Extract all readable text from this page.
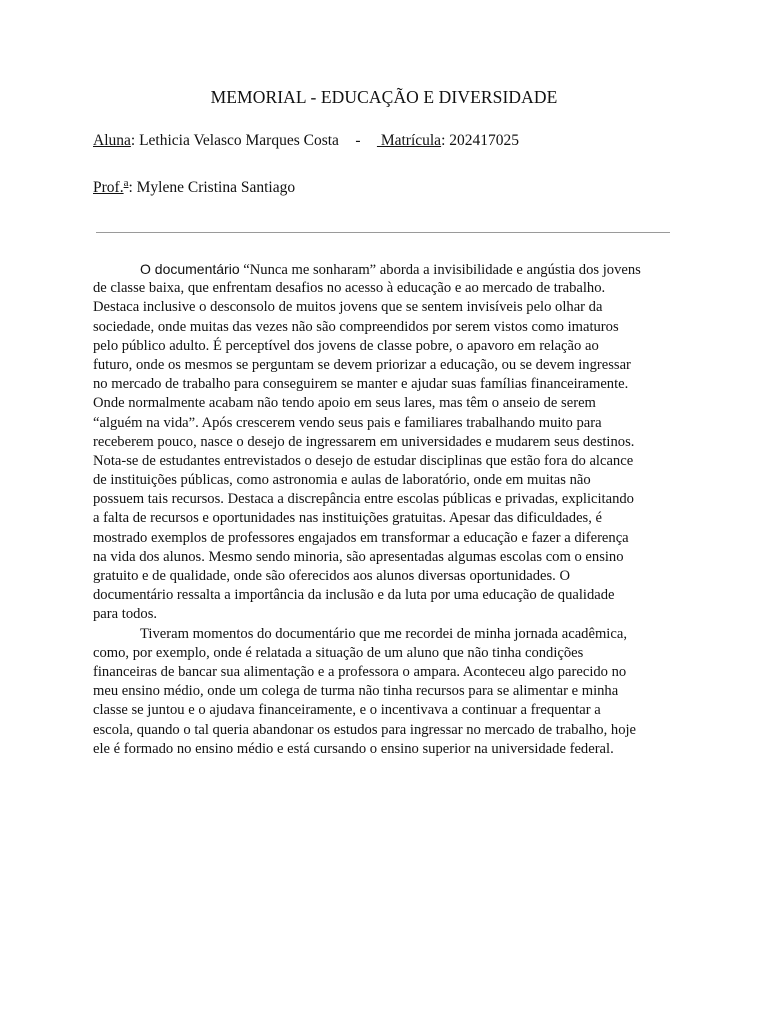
MEMORIAL - EDUCAÇÃO E DIVERSIDADE
Aluna: Lethicia Velasco Marques Costa - Matrícula: 202417025
Prof.$^a$: Mylene Cristina Santiago
O documentário “Nunca me sonharam” aborda a invisibilidade e angústia dos jovens
de classe baixa, que enfrentam desafios no acesso à educação e ao mercado de trabalho.
Destaca inclusive o desconsolo de muitos jovens que se sentem invisíveis pelo olhar da
sociedade, onde muitas das vezes não são compreendidos por serem vistos como imaturos
pelo público adulto. É perceptível dos jovens de classe pobre, o apavoro em relação ao
futuro, onde os mesmos se perguntam se devem priorizar a educação, ou se devem ingressar
no mercado de trabalho para conseguirem se manter e ajudar suas famílias financeiramente.
Onde normalmente acabam não tendo apoio em seus lares, mas têm o anseio de serem
“alguém na vida”. Após crescerem vendo seus pais e familiares trabalhando muito para
receberem pouco, nasce o desejo de ingressarem em universidades e mudarem seus destinos.
Nota-se de estudantes entrevistados o desejo de estudar disciplinas que estão fora do alcance
de instituições públicas, como astronomia e aulas de laboratório, onde em muitas não
possuem tais recursos. Destaca a discrepância entre escolas públicas e privadas, explicitando
a falta de recursos e oportunidades nas instituições gratuitas. Apesar das dificuldades, é
mostrado exemplos de professores engajados em transformar a educação e fazer a diferença
na vida dos alunos. Mesmo sendo minoria, são apresentadas algumas escolas com o ensino
gratuito e de qualidade, onde são oferecidos aos alunos diversas oportunidades. O
documentário ressalta a importância da inclusão e da luta por uma educação de qualidade
para todos.
Tiveram momentos do documentário que me recordei de minha jornada acadêmica,
como, por exemplo, onde é relatada a situação de um aluno que não tinha condições
financeiras de bancar sua alimentação e a professora o ampara. Aconteceu algo parecido no
meu ensino médio, onde um colega de turma não tinha recursos para se alimentar e minha
classe se juntou e o ajudava financeiramente, e o incentivava a continuar a frequentar a
escola, quando o tal queria abandonar os estudos para ingressar no mercado de trabalho, hoje
ele é formado no ensino médio e está cursando o ensino superior na universidade federal.
